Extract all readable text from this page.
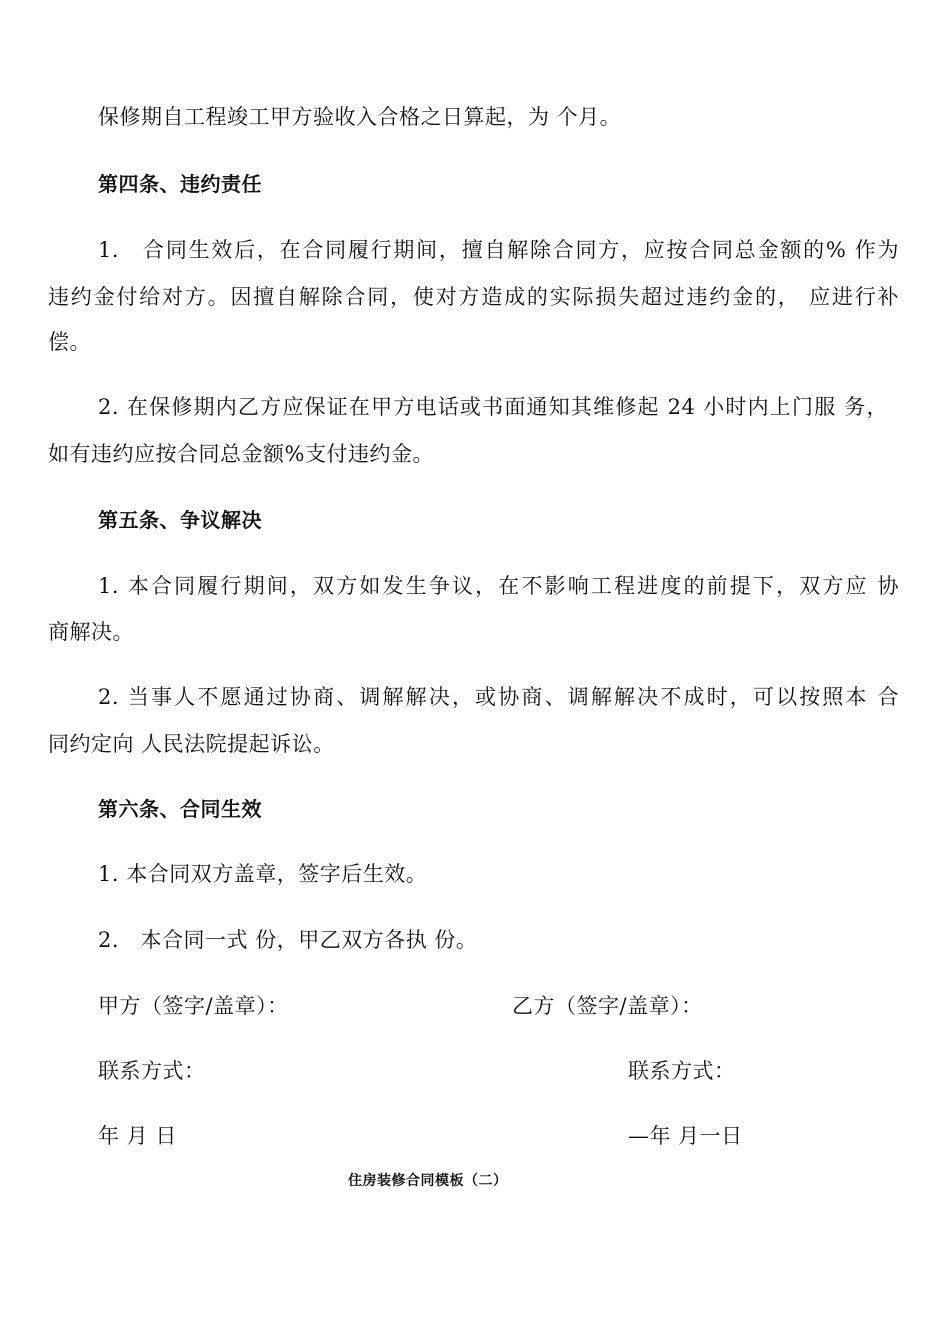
保修期自工程竣工甲方验收入合格之日算起，为 个月。
第四条、违约责任
1.　合同生效后，在合同履行期间，擅自解除合同方，应按合同总金额的% 作为
违约金付给对方。因擅自解除合同，使对方造成的实际损失超过违约金的， 应进行补
偿。
2. 在保修期内乙方应保证在甲方电话或书面通知其维修起 24 小时内上门服 务，
如有违约应按合同总金额%支付违约金。
第五条、争议解决
1. 本合同履行期间，双方如发生争议，在不影响工程进度的前提下，双方应 协
商解决。
2. 当事人不愿通过协商、调解解决，或协商、调解解决不成时，可以按照本 合
同约定向 人民法院提起诉讼。
第六条、合同生效
1. 本合同双方盖章，签字后生效。
2.　本合同一式 份，甲乙双方各执 份。
甲方（签字/盖章）：	乙方（签字/盖章）：
联系方式：	联系方式：
年 月 日	—年 月一日
住房装修合同模板（二）
